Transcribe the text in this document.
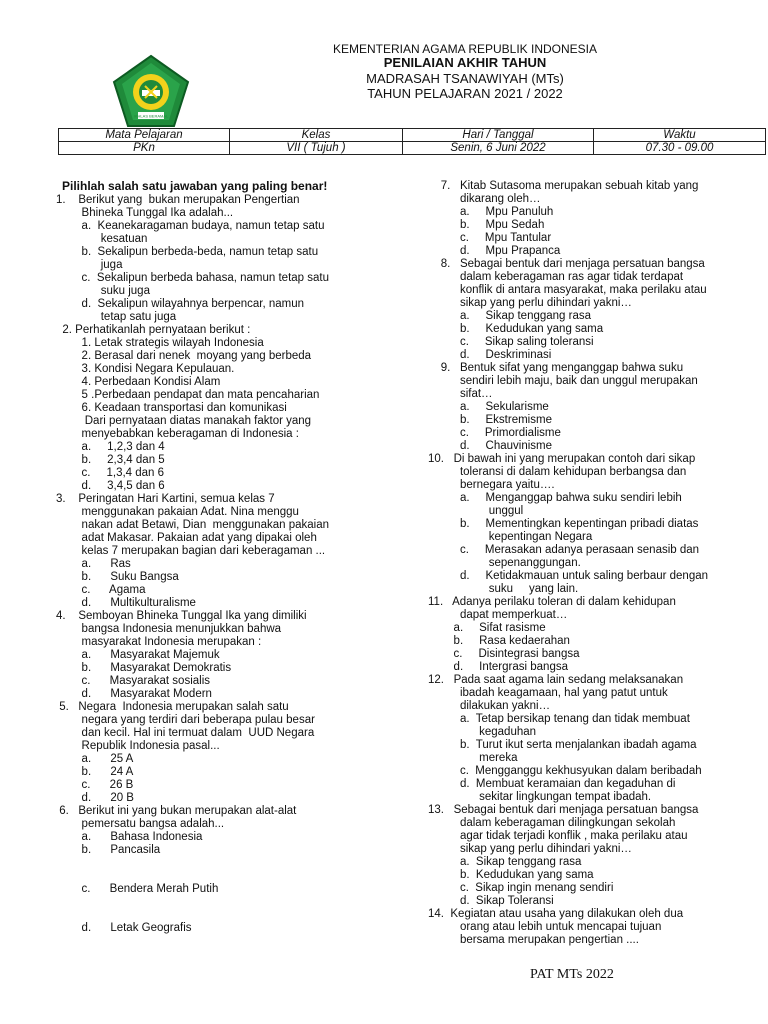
IKHLAS BERAMAL
KEMENTERIAN AGAMA REPUBLIK INDONESIA
PENILAIAN AKHIR TAHUN
MADRASAH TSANAWIYAH (MTs)
TAHUN PELAJARAN 2021 / 2022
Mata Pelajaran	Kelas	Hari / Tanggal	Waktu
PKn	VII ( Tujuh )	Senin, 6 Juni 2022	07.30 - 09.00
Pilihlah salah satu jawaban yang paling benar!
1.    Berikut yang  bukan merupakan Pengertian
Bhineka Tunggal Ika adalah...
a.  Keanekaragaman budaya, namun tetap satu
kesatuan
b.  Sekalipun berbeda-beda, namun tetap satu
juga
c.  Sekalipun berbeda bahasa, namun tetap satu
suku juga
d.  Sekalipun wilayahnya berpencar, namun
tetap satu juga
2. Perhatikanlah pernyataan berikut :
1. Letak strategis wilayah Indonesia
2. Berasal dari nenek  moyang yang berbeda
3. Kondisi Negara Kepulauan.
4. Perbedaan Kondisi Alam
5 .Perbedaan pendapat dan mata pencaharian
6. Keadaan transportasi dan komunikasi
Dari pernyataan diatas manakah faktor yang
menyebabkan keberagaman di Indonesia :
a.     1,2,3 dan 4
b.     2,3,4 dan 5
c.     1,3,4 dan 6
d.     3,4,5 dan 6
3.    Peringatan Hari Kartini, semua kelas 7
menggunakan pakaian Adat. Nina menggu
nakan adat Betawi, Dian  menggunakan pakaian
adat Makasar. Pakaian adat yang dipakai oleh
kelas 7 merupakan bagian dari keberagaman ...
a.      Ras
b.      Suku Bangsa
c.      Agama
d.      Multikulturalisme
4.    Semboyan Bhineka Tunggal Ika yang dimiliki
bangsa Indonesia menunjukkan bahwa
masyarakat Indonesia merupakan :
a.      Masyarakat Majemuk
b.      Masyarakat Demokratis
c.      Masyarakat sosialis
d.      Masyarakat Modern
5.   Negara  Indonesia merupakan salah satu
negara yang terdiri dari beberapa pulau besar
dan kecil. Hal ini termuat dalam  UUD Negara
Republik Indonesia pasal...
a.      25 A
b.      24 A
c.      26 B
d.      20 B
6.   Berikut ini yang bukan merupakan alat-alat
pemersatu bangsa adalah...
a.      Bahasa Indonesia
b.      Pancasila
c.      Bendera Merah Putih
d.      Letak Geografis
7.   Kitab Sutasoma merupakan sebuah kitab yang
dikarang oleh…
a.     Mpu Panuluh
b.     Mpu Sedah
c.     Mpu Tantular
d.     Mpu Prapanca
8.   Sebagai bentuk dari menjaga persatuan bangsa
dalam keberagaman ras agar tidak terdapat
konflik di antara masyarakat, maka perilaku atau
sikap yang perlu dihindari yakni…
a.     Sikap tenggang rasa
b.     Kedudukan yang sama
c.     Sikap saling toleransi
d.     Deskriminasi
9.   Bentuk sifat yang menganggap bahwa suku
sendiri lebih maju, baik dan unggul merupakan
sifat…
a.     Sekularisme
b.     Ekstremisme
c.     Primordialisme
d.     Chauvinisme
10.   Di bawah ini yang merupakan contoh dari sikap
toleransi di dalam kehidupan berbangsa dan
bernegara yaitu….
a.     Menganggap bahwa suku sendiri lebih
unggul
b.     Mementingkan kepentingan pribadi diatas
kepentingan Negara
c.     Merasakan adanya perasaan senasib dan
sepenanggungan.
d.     Ketidakmauan untuk saling berbaur dengan
suku     yang lain.
11.   Adanya perilaku toleran di dalam kehidupan
dapat memperkuat…
a.     Sifat rasisme
b.     Rasa kedaerahan
c.     Disintegrasi bangsa
d.     Intergrasi bangsa
12.   Pada saat agama lain sedang melaksanakan
ibadah keagamaan, hal yang patut untuk
dilakukan yakni…
a.  Tetap bersikap tenang dan tidak membuat
kegaduhan
b.  Turut ikut serta menjalankan ibadah agama
mereka
c.  Mengganggu kekhusyukan dalam beribadah
d.  Membuat keramaian dan kegaduhan di
sekitar lingkungan tempat ibadah.
13.   Sebagai bentuk dari menjaga persatuan bangsa
dalam keberagaman dilingkungan sekolah
agar tidak terjadi konflik , maka perilaku atau
sikap yang perlu dihindari yakni…
a.  Sikap tenggang rasa
b.  Kedudukan yang sama
c.  Sikap ingin menang sendiri
d.  Sikap Toleransi
14.  Kegiatan atau usaha yang dilakukan oleh dua
orang atau lebih untuk mencapai tujuan
bersama merupakan pengertian ....
PAT MTs 2022
